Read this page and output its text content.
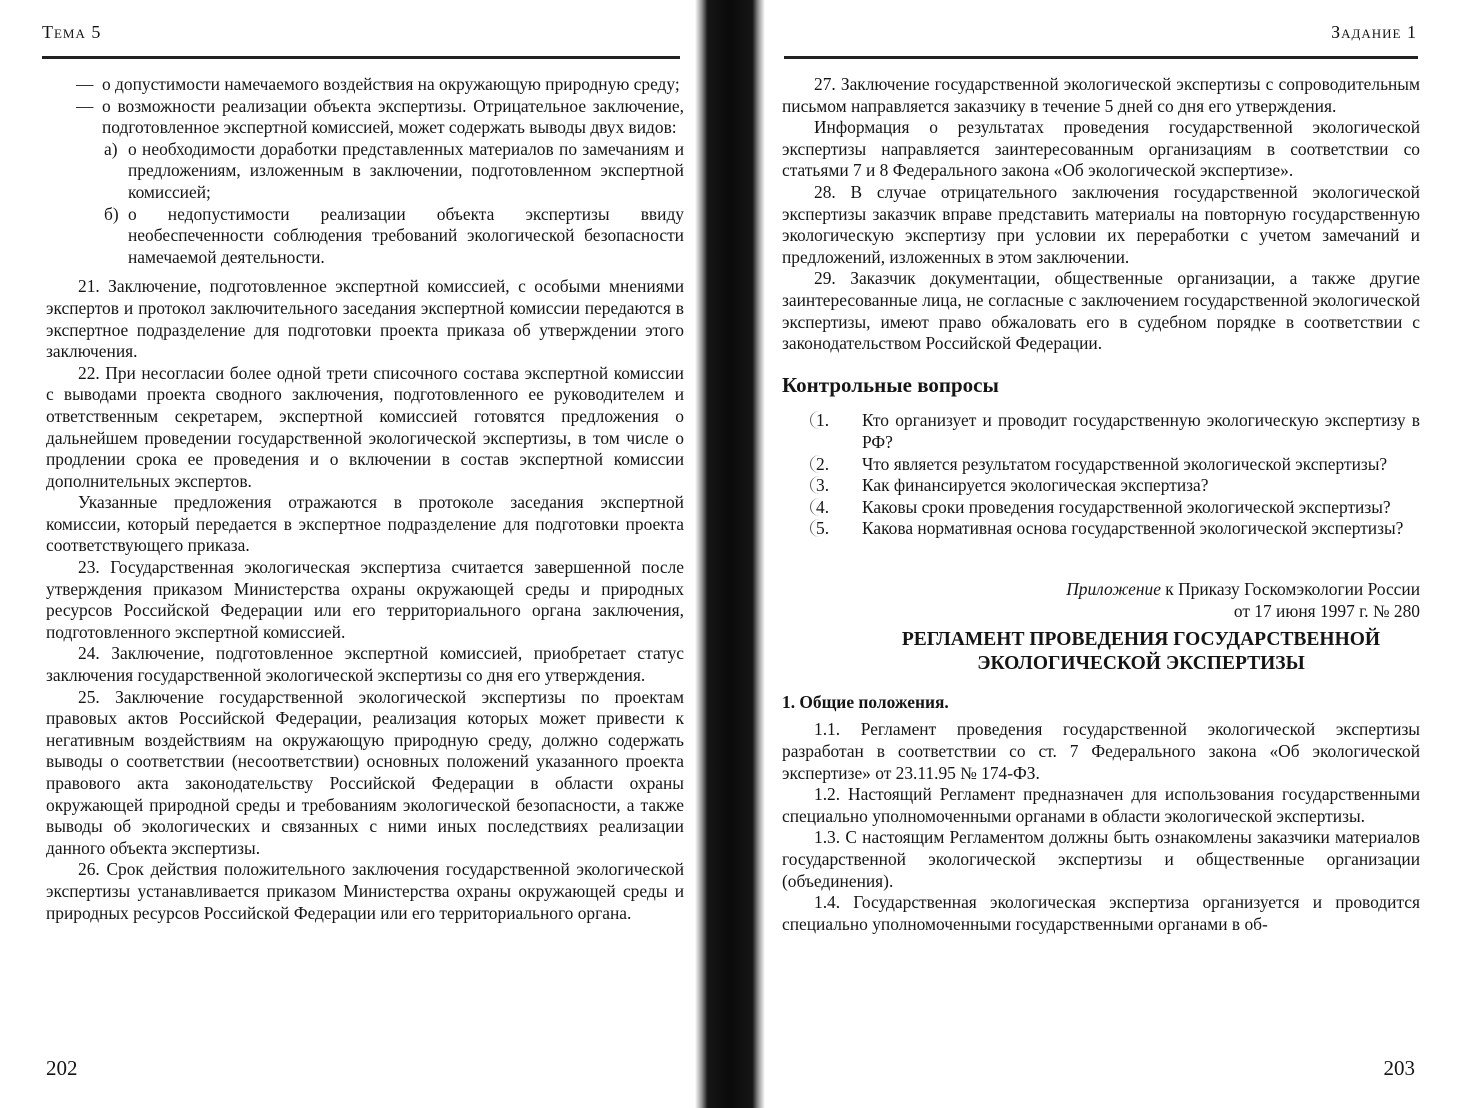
Тема 5
— о допустимости намечаемого воздействия на окружающую природную среду;
— о возможности реализации объекта экспертизы. Отрицательное заключение, подготовленное экспертной комиссией, может содержать выводы двух видов:
а) о необходимости доработки представленных материалов по замечаниям и предложениям, изложенным в заключении, подготовленном экспертной комиссией;
б) о недопустимости реализации объекта экспертизы ввиду необеспеченности соблюдения требований экологической безопасности намечаемой деятельности.

21. Заключение, подготовленное экспертной комиссией, с особыми мнениями экспертов и протокол заключительного заседания экспертной комиссии передаются в экспертное подразделение для подготовки проекта приказа об утверждении этого заключения.

22. При несогласии более одной трети списочного состава экспертной комиссии с выводами проекта сводного заключения, подготовленного ее руководителем и ответственным секретарем, экспертной комиссией готовятся предложения о дальнейшем проведении государственной экологической экспертизы, в том числе о продлении срока ее проведения и о включении в состав экспертной комиссии дополнительных экспертов.

Указанные предложения отражаются в протоколе заседания экспертной комиссии, который передается в экспертное подразделение для подготовки проекта соответствующего приказа.

23. Государственная экологическая экспертиза считается завершенной после утверждения приказом Министерства охраны окружающей среды и природных ресурсов Российской Федерации или его территориального органа заключения, подготовленного экспертной комиссией.

24. Заключение, подготовленное экспертной комиссией, приобретает статус заключения государственной экологической экспертизы со дня его утверждения.

25. Заключение государственной экологической экспертизы по проектам правовых актов Российской Федерации, реализация которых может привести к негативным воздействиям на окружающую природную среду, должно содержать выводы о соответствии (несоответствии) основных положений указанного проекта правового акта законодательству Российской Федерации в области охраны окружающей природной среды и требованиям экологической безопасности, а также выводы об экологических и связанных с ними иных последствиях реализации данного объекта экспертизы.

26. Срок действия положительного заключения государственной экологической экспертизы устанавливается приказом Министерства охраны окружающей среды и природных ресурсов Российской Федерации или его территориального органа.

202
Задание 1

27. Заключение государственной экологической экспертизы с сопроводительным письмом направляется заказчику в течение 5 дней со дня его утверждения.

Информация о результатах проведения государственной экологической экспертизы направляется заинтересованным организациям в соответствии со статьями 7 и 8 Федерального закона «Об экологической экспертизе».

28. В случае отрицательного заключения государственной экологической экспертизы заказчик вправе представить материалы на повторную государственную экологическую экспертизу при условии их переработки с учетом замечаний и предложений, изложенных в этом заключении.

29. Заказчик документации, общественные организации, а также другие заинтересованные лица, не согласные с заключением государственной экологической экспертизы, имеют право обжаловать его в судебном порядке в соответствии с законодательством Российской Федерации.

Контрольные вопросы
1.	Кто организует и проводит государственную экологическую экспертизу в РФ?
2.	Что является результатом государственной экологической экспертизы?
3.	Как финансируется экологическая экспертиза?
4.	Каковы сроки проведения государственной экологической экспертизы?
5.	Какова нормативная основа государственной экологической экспертизы?
Приложение к Приказу Госкомэкологии России
от 17 июня 1997 г. № 280
РЕГЛАМЕНТ ПРОВЕДЕНИЯ ГОСУДАРСТВЕННОЙ
ЭКОЛОГИЧЕСКОЙ ЭКСПЕРТИЗЫ
1. Общие положения.

1.1. Регламент проведения государственной экологической экспертизы разработан в соответствии со ст. 7 Федерального закона «Об экологической экспертизе» от 23.11.95 № 174-ФЗ.

1.2. Настоящий Регламент предназначен для использования государственными специально уполномоченными органами в области экологической экспертизы.

1.3. С настоящим Регламентом должны быть ознакомлены заказчики материалов государственной экологической экспертизы и общественные организации (объединения).

1.4. Государственная экологическая экспертиза организуется и проводится специально уполномоченными государственными органами в об-

203
